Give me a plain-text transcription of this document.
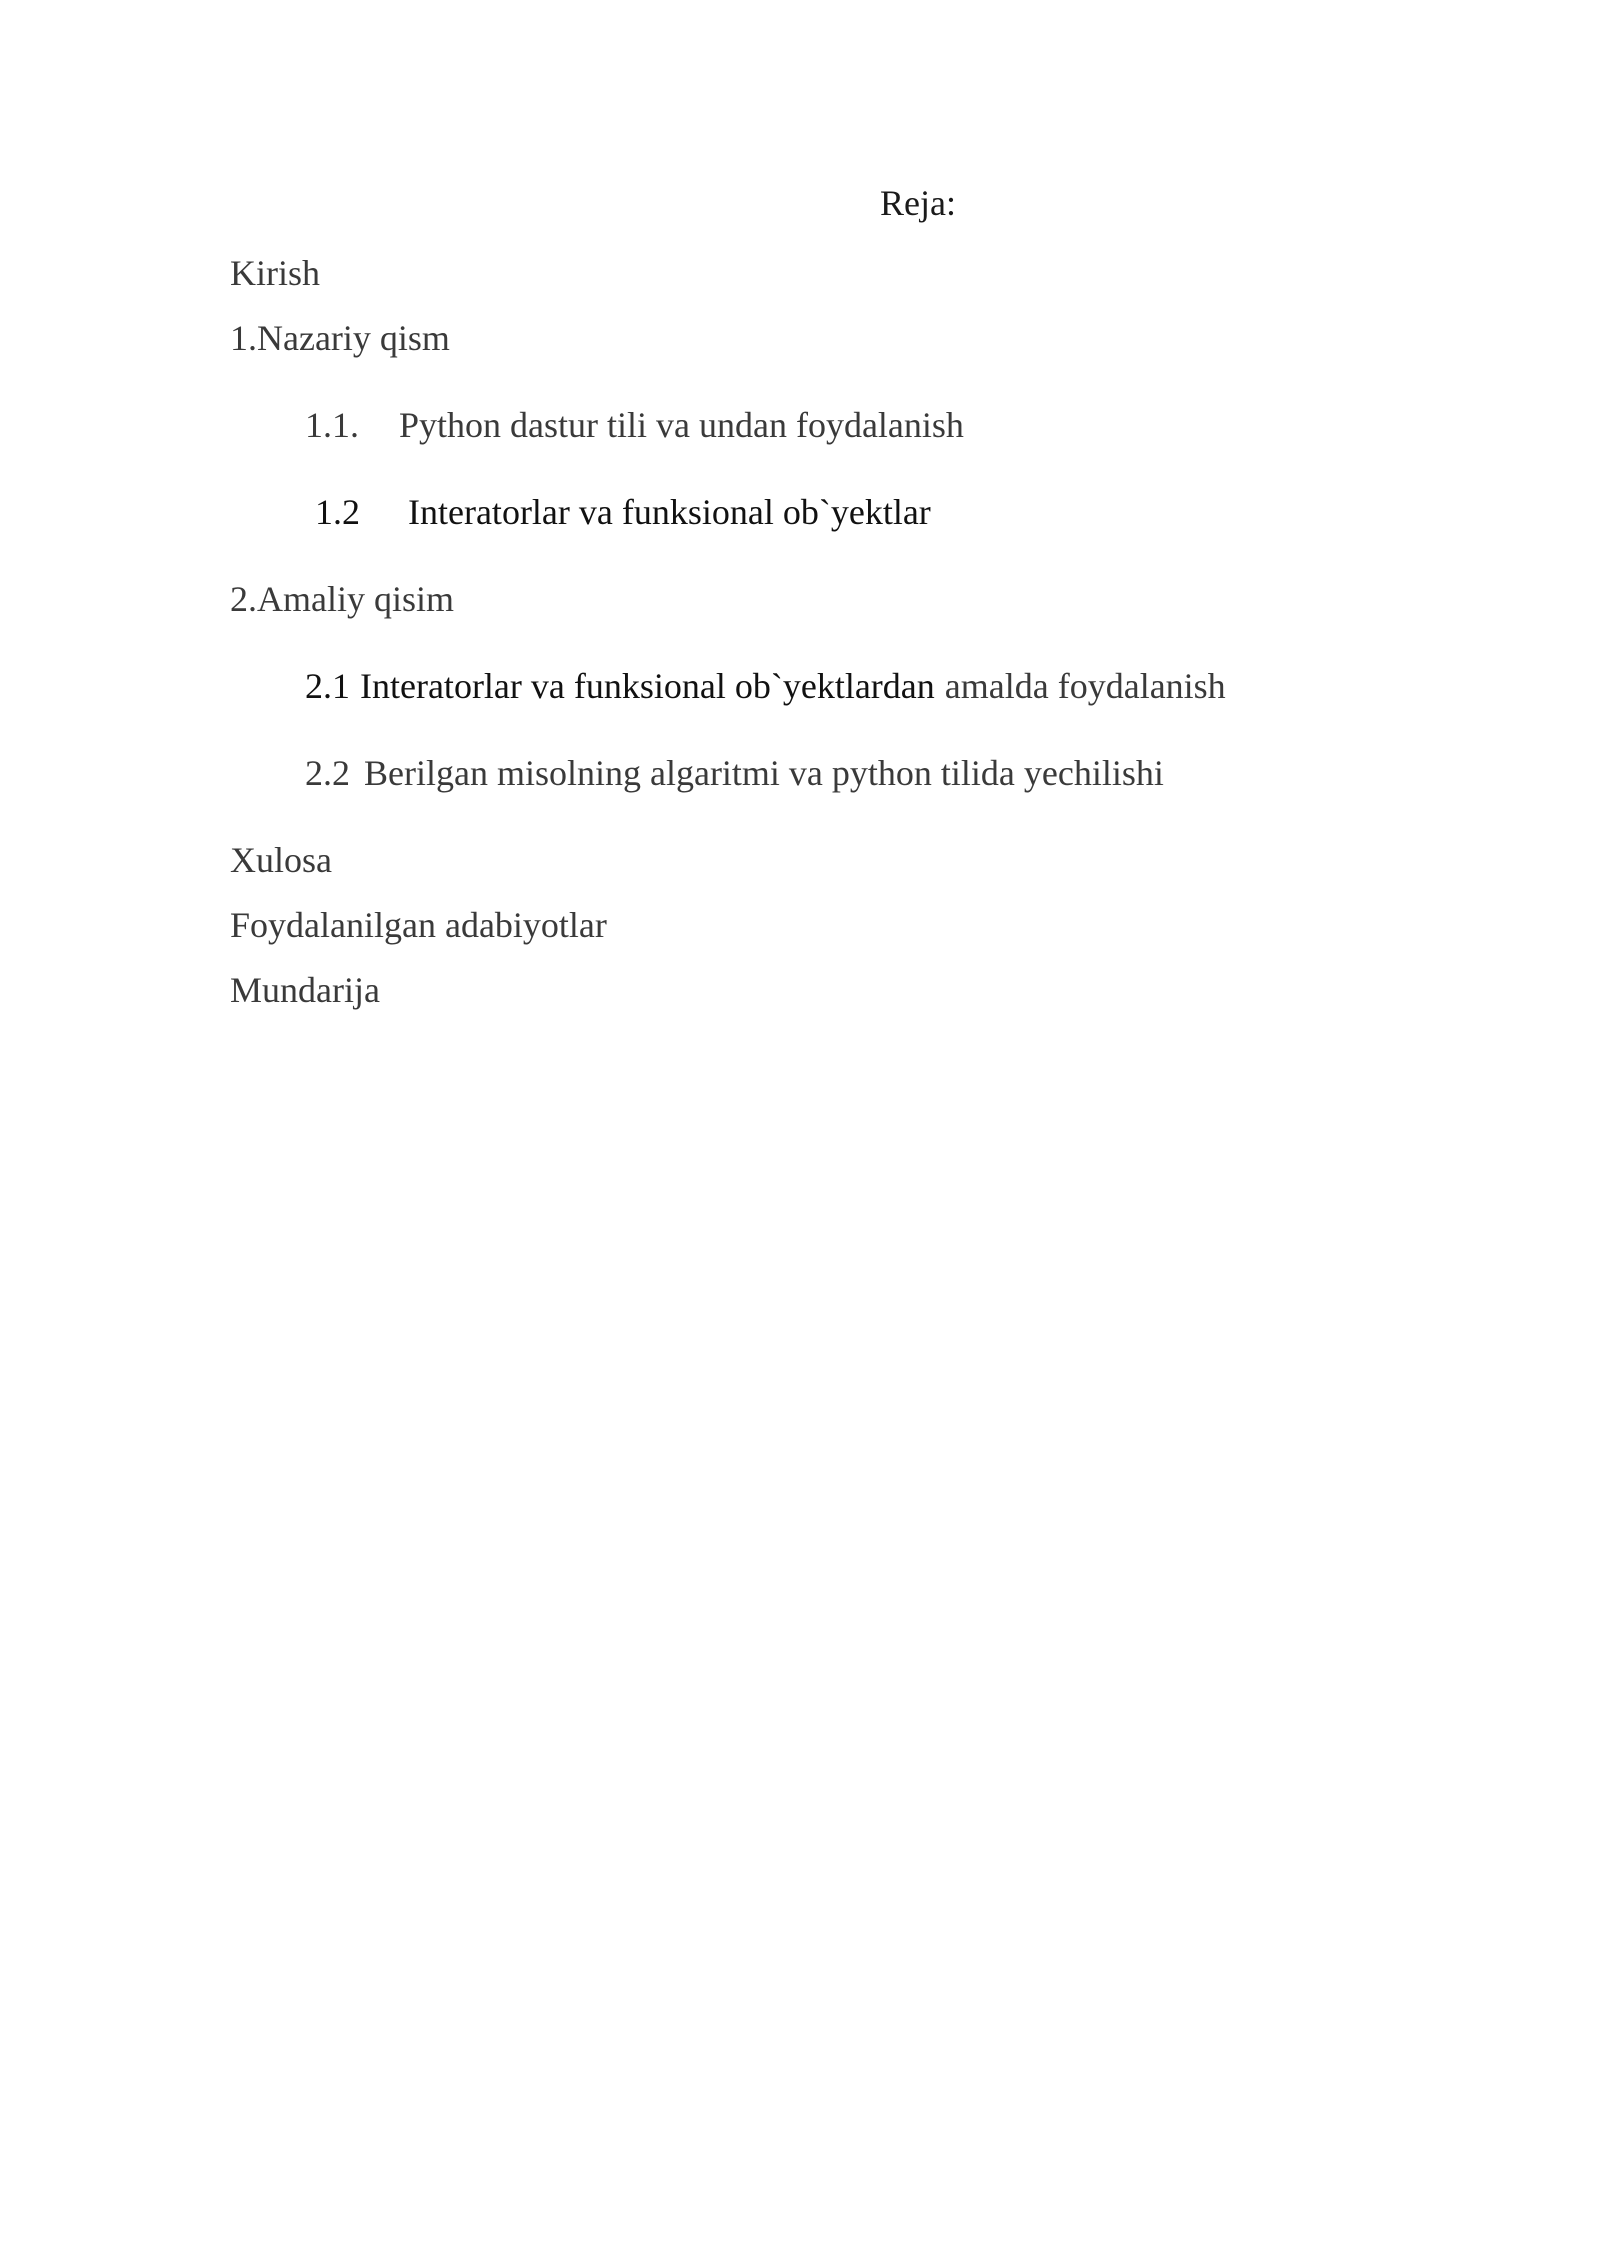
Reja:
Kirish
1.Nazariy qism
1.1. Python dastur tili va undan foydalanish
1.2 Interatorlar va funksional ob`yektlar
2.Amaliy qisim
2.1 Interatorlar va funksional ob`yektlardan amalda foydalanish
2.2 Berilgan misolning algaritmi va python tilida yechilishi
Xulosa
Foydalanilgan adabiyotlar
Mundarija
